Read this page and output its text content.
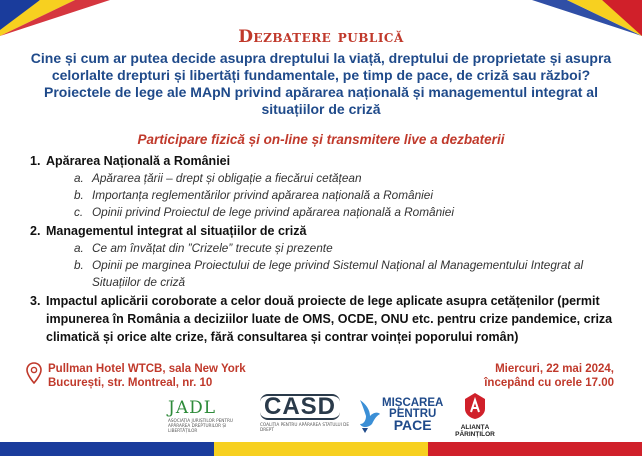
Dezbatere publică
Cine și cum ar putea decide asupra dreptului la viață, dreptului de proprietate și asupra
celorlalte drepturi și libertăți fundamentale, pe timp de pace, de criză sau război?
Proiectele de lege ale MApN privind apărarea națională și managementul integrat al
situațiilor de criză
Participare fizică și on-line și transmitere live a dezbaterii
1. Apărarea Națională a României
a. Apărarea țării – drept și obligație a fiecărui cetățean
b. Importanța reglementărilor privind apărarea națională a României
c. Opinii privind Proiectul de lege privind apărarea națională a României
2. Managementul integrat al situațiilor de criză
a. Ce am învățat din ”Crizele” trecute și prezente
b. Opinii pe marginea Proiectului de lege privind Sistemul Național al Managementului Integrat al Situațiilor de criză
3. Impactul aplicării coroborate a celor două proiecte de lege aplicate asupra cetățenilor (permit impunerea în România a deciziilor luate de OMS, OCDE, ONU etc. pentru crize pandemice, criza climatică și orice alte crize, fără consultarea și contrar voinței poporului român)
Pullman Hotel WTCB, sala New York
București, str. Montreal, nr. 10
Miercuri, 22 mai 2024,
începând cu orele 17.00
JADL
ASOCIAȚIA JURIȘTILOR PENTRU APĂRAREA DREPTURILOR ȘI LIBERTĂȚILOR
CASD
COALIȚIA PENTRU APĂRAREA STATULUI DE DREPT
MIȘCAREA
PENTRU
PACE	ALIANȚA
PĂRINȚILOR
